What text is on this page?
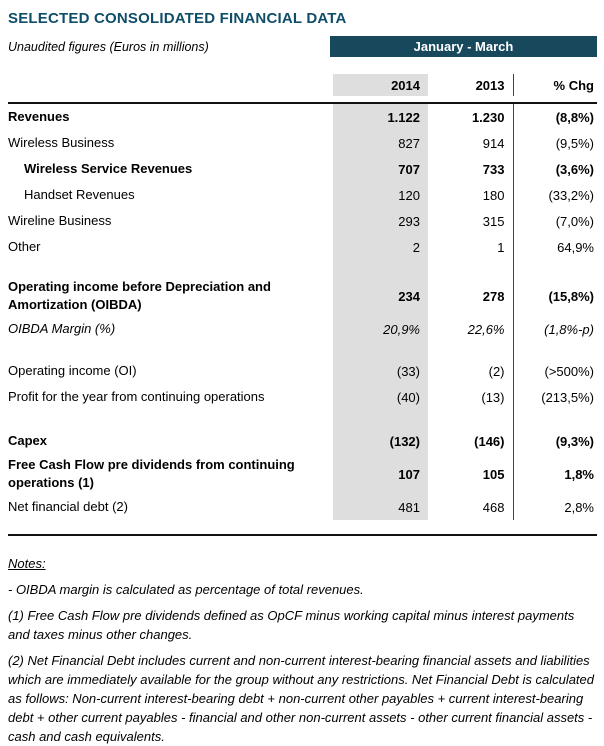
SELECTED CONSOLIDATED FINANCIAL DATA
Unaudited figures (Euros in millions)	January - March
	2014	2013	% Chg

Revenues	1.122	1.230	(8,8%)
Wireless Business	827	914	(9,5%)
Wireless Service Revenues	707	733	(3,6%)
Handset Revenues	120	180	(33,2%)
Wireline Business	293	315	(7,0%)
Other	2	1	64,9%

Operating income before Depreciation and Amortization (OIBDA)	234	278	(15,8%)
OIBDA Margin (%)	20,9%	22,6%	(1,8%-p)

Operating income (OI)	(33)	(2)	(>500%)
Profit for the year from continuing operations	(40)	(13)	(213,5%)

Capex	(132)	(146)	(9,3%)
Free Cash Flow pre dividends from continuing operations (1)	107	105	1,8%
Net financial debt (2)	481	468	2,8%

Notes:
- OIBDA margin is calculated as percentage of total revenues.
(1) Free Cash Flow pre dividends defined as OpCF minus working capital minus interest payments and taxes minus other changes.
(2) Net Financial Debt includes current and non-current interest-bearing financial assets and liabilities which are immediately available for the group without any restrictions. Net Financial Debt is calculated as follows: Non-current interest-bearing debt + non-current other payables + current interest-bearing debt + other current payables - financial and other non-current assets - other current financial assets - cash and cash equivalents.
